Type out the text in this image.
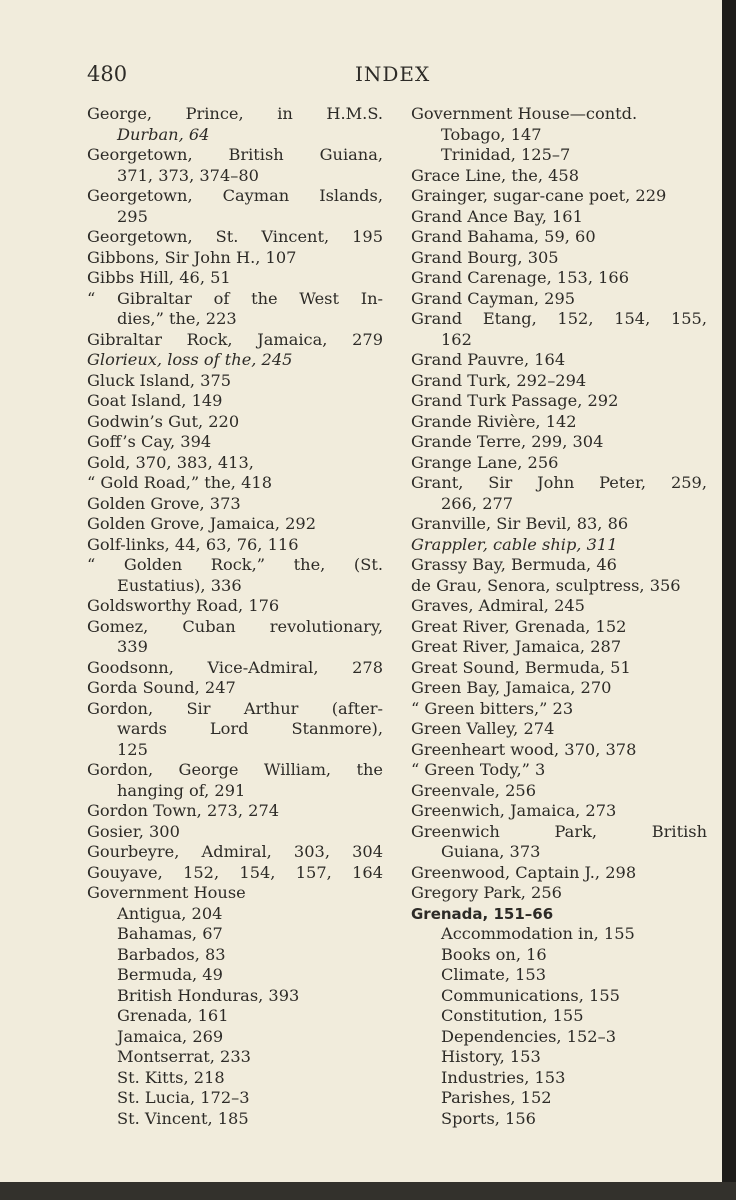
480	INDEX
George, Prince, in H.M.S.
Durban, 64
Georgetown, British Guiana,
371, 373, 374–80
Georgetown, Cayman Islands,
295
Georgetown, St. Vincent, 195
Gibbons, Sir John H., 107
Gibbs Hill, 46, 51
“ Gibraltar of the West In-
dies,” the, 223
Gibraltar Rock, Jamaica, 279
Glorieux, loss of the, 245
Gluck Island, 375
Goat Island, 149
Godwin’s Gut, 220
Goff’s Cay, 394
Gold, 370, 383, 413,
“ Gold Road,” the, 418
Golden Grove, 373
Golden Grove, Jamaica, 292
Golf-links, 44, 63, 76, 116
“ Golden Rock,” the, (St.
Eustatius), 336
Goldsworthy Road, 176
Gomez, Cuban revolutionary,
339
Goodsonn, Vice-Admiral, 278
Gorda Sound, 247
Gordon, Sir Arthur (after-
wards Lord Stanmore),
125
Gordon, George William, the
hanging of, 291
Gordon Town, 273, 274
Gosier, 300
Gourbeyre, Admiral, 303, 304
Gouyave, 152, 154, 157, 164
Government House
Antigua, 204
Bahamas, 67
Barbados, 83
Bermuda, 49
British Honduras, 393
Grenada, 161
Jamaica, 269
Montserrat, 233
St. Kitts, 218
St. Lucia, 172–3
St. Vincent, 185
Government House—contd.
Tobago, 147
Trinidad, 125–7
Grace Line, the, 458
Grainger, sugar-cane poet, 229
Grand Ance Bay, 161
Grand Bahama, 59, 60
Grand Bourg, 305
Grand Carenage, 153, 166
Grand Cayman, 295
Grand Etang, 152, 154, 155,
162
Grand Pauvre, 164
Grand Turk, 292–294
Grand Turk Passage, 292
Grande Rivière, 142
Grande Terre, 299, 304
Grange Lane, 256
Grant, Sir John Peter, 259,
266, 277
Granville, Sir Bevil, 83, 86
Grappler, cable ship, 311
Grassy Bay, Bermuda, 46
de Grau, Senora, sculptress, 356
Graves, Admiral, 245
Great River, Grenada, 152
Great River, Jamaica, 287
Great Sound, Bermuda, 51
Green Bay, Jamaica, 270
“ Green bitters,” 23
Green Valley, 274
Greenheart wood, 370, 378
“ Green Tody,” 3
Greenvale, 256
Greenwich, Jamaica, 273
Greenwich Park, British
Guiana, 373
Greenwood, Captain J., 298
Gregory Park, 256
Grenada, 151–66
Accommodation in, 155
Books on, 16
Climate, 153
Communications, 155
Constitution, 155
Dependencies, 152–3
History, 153
Industries, 153
Parishes, 152
Sports, 156
